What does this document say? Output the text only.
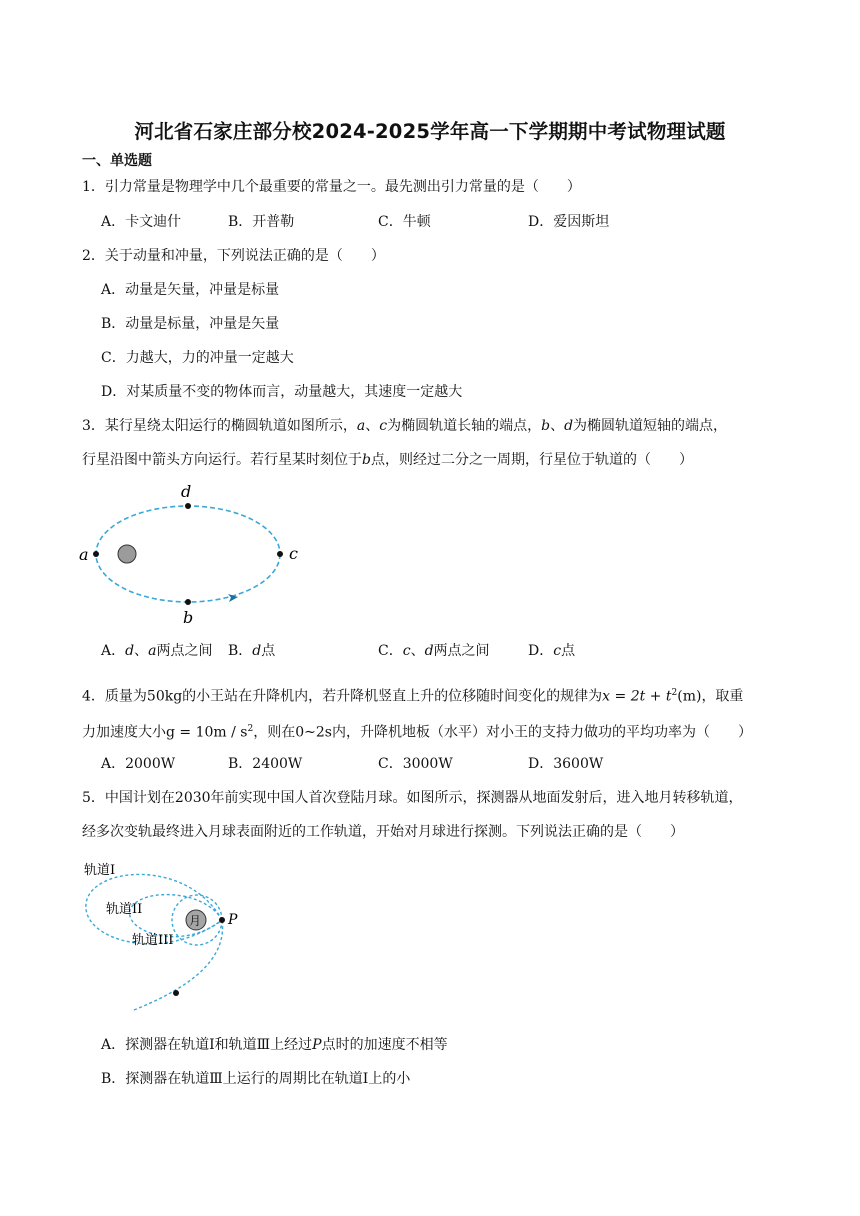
河北省石家庄部分校2024-2025学年高一下学期期中考试物理试题
一、单选题
1．引力常量是物理学中几个最重要的常量之一。最先测出引力常量的是（　　）
A．卡文迪什	B．开普勒	C．牛顿	D．爱因斯坦
2．关于动量和冲量，下列说法正确的是（　　）
A．动量是矢量，冲量是标量
B．动量是标量，冲量是矢量
C．力越大，力的冲量一定越大
D．对某质量不变的物体而言，动量越大，其速度一定越大
3．某行星绕太阳运行的椭圆轨道如图所示，a、c为椭圆轨道长轴的端点，b、d为椭圆轨道短轴的端点，
行星沿图中箭头方向运行。若行星某时刻位于b点，则经过二分之一周期，行星位于轨道的（　　）
a	c
d
b
A．d、a两点之间 B．d点	C．c、d两点之间	D．c点
4．质量为50kg的小王站在升降机内，若升降机竖直上升的位移随时间变化的规律为$x = 2t + t^2(m)$，取重
力加速度大小$g = 10m / s^2$，则在0~2s内，升降机地板（水平）对小王的支持力做功的平均功率为（　　）
A．2000W	B．2400W	C．3000W	D．3600W
5．中国计划在2030年前实现中国人首次登陆月球。如图所示，探测器从地面发射后，进入地月转移轨道，
经多次变轨最终进入月球表面附近的工作轨道，开始对月球进行探测。下列说法正确的是（　　）
月 P
轨道I
轨道II
轨道III
A．探测器在轨道Ⅰ和轨道Ⅲ上经过P点时的加速度不相等
B．探测器在轨道Ⅲ上运行的周期比在轨道Ⅰ上的小
